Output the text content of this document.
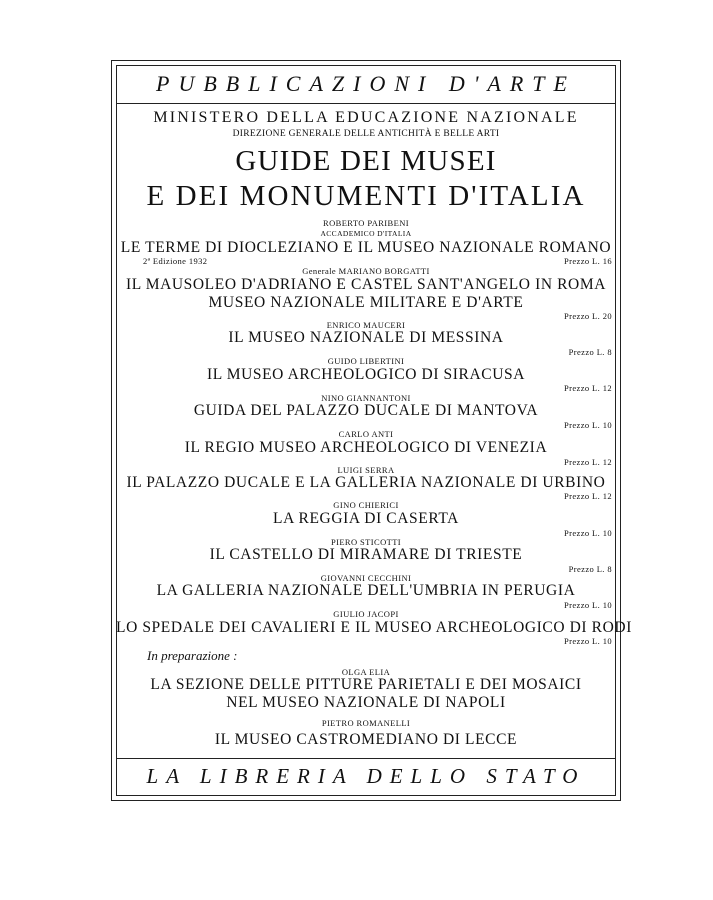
PUBBLICAZIONI D'ARTE
MINISTERO DELLA EDUCAZIONE NAZIONALE
DIREZIONE GENERALE DELLE ANTICHITÀ E BELLE ARTI
GUIDE DEI MUSEI
E DEI MONUMENTI D'ITALIA
ROBERTO PARIBENI
ACCADEMICO D'ITALIA
LE TERME DI DIOCLEZIANO E IL MUSEO NAZIONALE ROMANO
2ª Edizione 1932	Prezzo L. 16
Generale MARIANO BORGATTI
IL MAUSOLEO D'ADRIANO E CASTEL SANT'ANGELO IN ROMA
MUSEO NAZIONALE MILITARE E D'ARTE
Prezzo L. 20
ENRICO MAUCERI
IL MUSEO NAZIONALE DI MESSINA
Prezzo L. 8
GUIDO LIBERTINI
IL MUSEO ARCHEOLOGICO DI SIRACUSA
Prezzo L. 12
NINO GIANNANTONI
GUIDA DEL PALAZZO DUCALE DI MANTOVA
Prezzo L. 10
CARLO ANTI
IL REGIO MUSEO ARCHEOLOGICO DI VENEZIA
Prezzo L. 12
LUIGI SERRA
IL PALAZZO DUCALE E LA GALLERIA NAZIONALE DI URBINO
Prezzo L. 12
GINO CHIERICI
LA REGGIA DI CASERTA
Prezzo L. 10
PIERO STICOTTI
IL CASTELLO DI MIRAMARE DI TRIESTE
Prezzo L. 8
GIOVANNI CECCHINI
LA GALLERIA NAZIONALE DELL'UMBRIA IN PERUGIA
Prezzo L. 10
GIULIO JACOPI
LO SPEDALE DEI CAVALIERI E IL MUSEO ARCHEOLOGICO DI RODI
Prezzo L. 10
In preparazione :
OLGA ELIA
LA SEZIONE DELLE PITTURE PARIETALI E DEI MOSAICI
NEL MUSEO NAZIONALE DI NAPOLI
PIETRO ROMANELLI
IL MUSEO CASTROMEDIANO DI LECCE
LA LIBRERIA DELLO STATO
